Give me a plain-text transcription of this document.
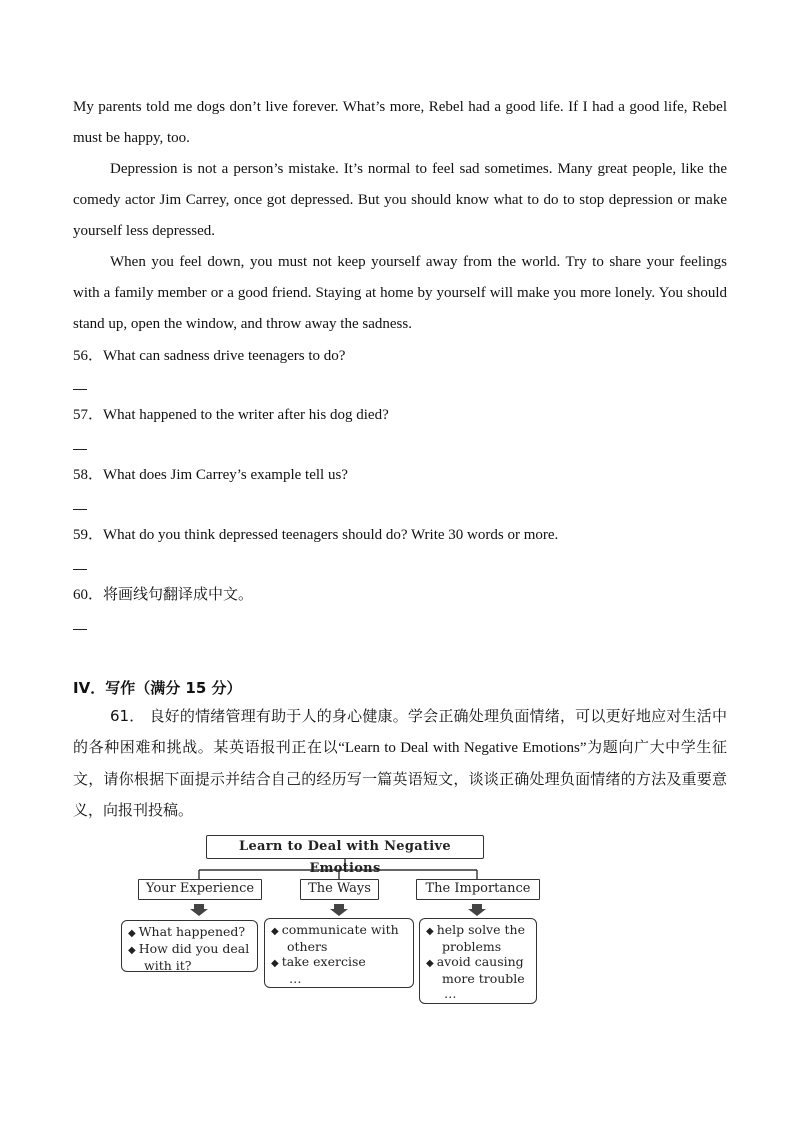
My parents told me dogs don’t live forever. What’s more, Rebel had a good life. If I had a good life, Rebel must be happy, too.

Depression is not a person’s mistake. It’s normal to feel sad sometimes. Many great people, like the comedy actor Jim Carrey, once got depressed. But you should know what to do to stop depression or make yourself less depressed.

When you feel down, you must not keep yourself away from the world. Try to share your feelings with a family member or a good friend. Staying at home by yourself will make you more lonely. You should stand up, open the window, and throw away the sadness.

56．What can sadness drive teenagers to do?

57．What happened to the writer after his dog died?

58．What does Jim Carrey’s example tell us?

59．What do you think depressed teenagers should do? Write 30 words or more.

60．将画线句翻译成中文。

IV．写作（满分 15 分）

61． 良好的情绪管理有助于人的身心健康。学会正确处理负面情绪，可以更好地应对生活中的各种困难和挑战。某英语报刊正在以“Learn to Deal with Negative Emotions”为题向广大中学生征文，请你根据下面提示并结合自己的经历写一篇英语短文，谈谈正确处理负面情绪的方法及重要意义，向报刊投稿。

Learn to Deal with Negative Emotions
Your Experience	The Ways	The Importance
◆ What happened?
◆ How did you deal
with it?
◆ communicate with
others
◆ take exercise
…
◆ help solve the
problems
◆ avoid causing
more trouble
…
